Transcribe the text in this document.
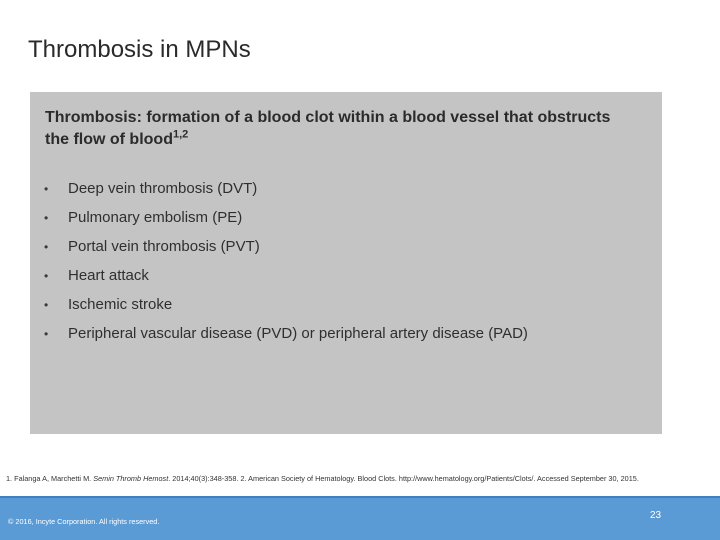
Thrombosis in MPNs
Thrombosis: formation of a blood clot within a blood vessel that obstructs the flow of blood$^{1,2}$
•	Deep vein thrombosis (DVT)
•	Pulmonary embolism (PE)
•	Portal vein thrombosis (PVT)
•	Heart attack
•	Ischemic stroke
•	Peripheral vascular disease (PVD) or peripheral artery disease (PAD)
1. Falanga A, Marchetti M. Semin Thromb Hemost. 2014;40(3):348-358. 2. American Society of Hematology. Blood Clots. http://www.hematology.org/Patients/Clots/. Accessed September 30, 2015.
© 2016, Incyte Corporation. All rights reserved.
23
